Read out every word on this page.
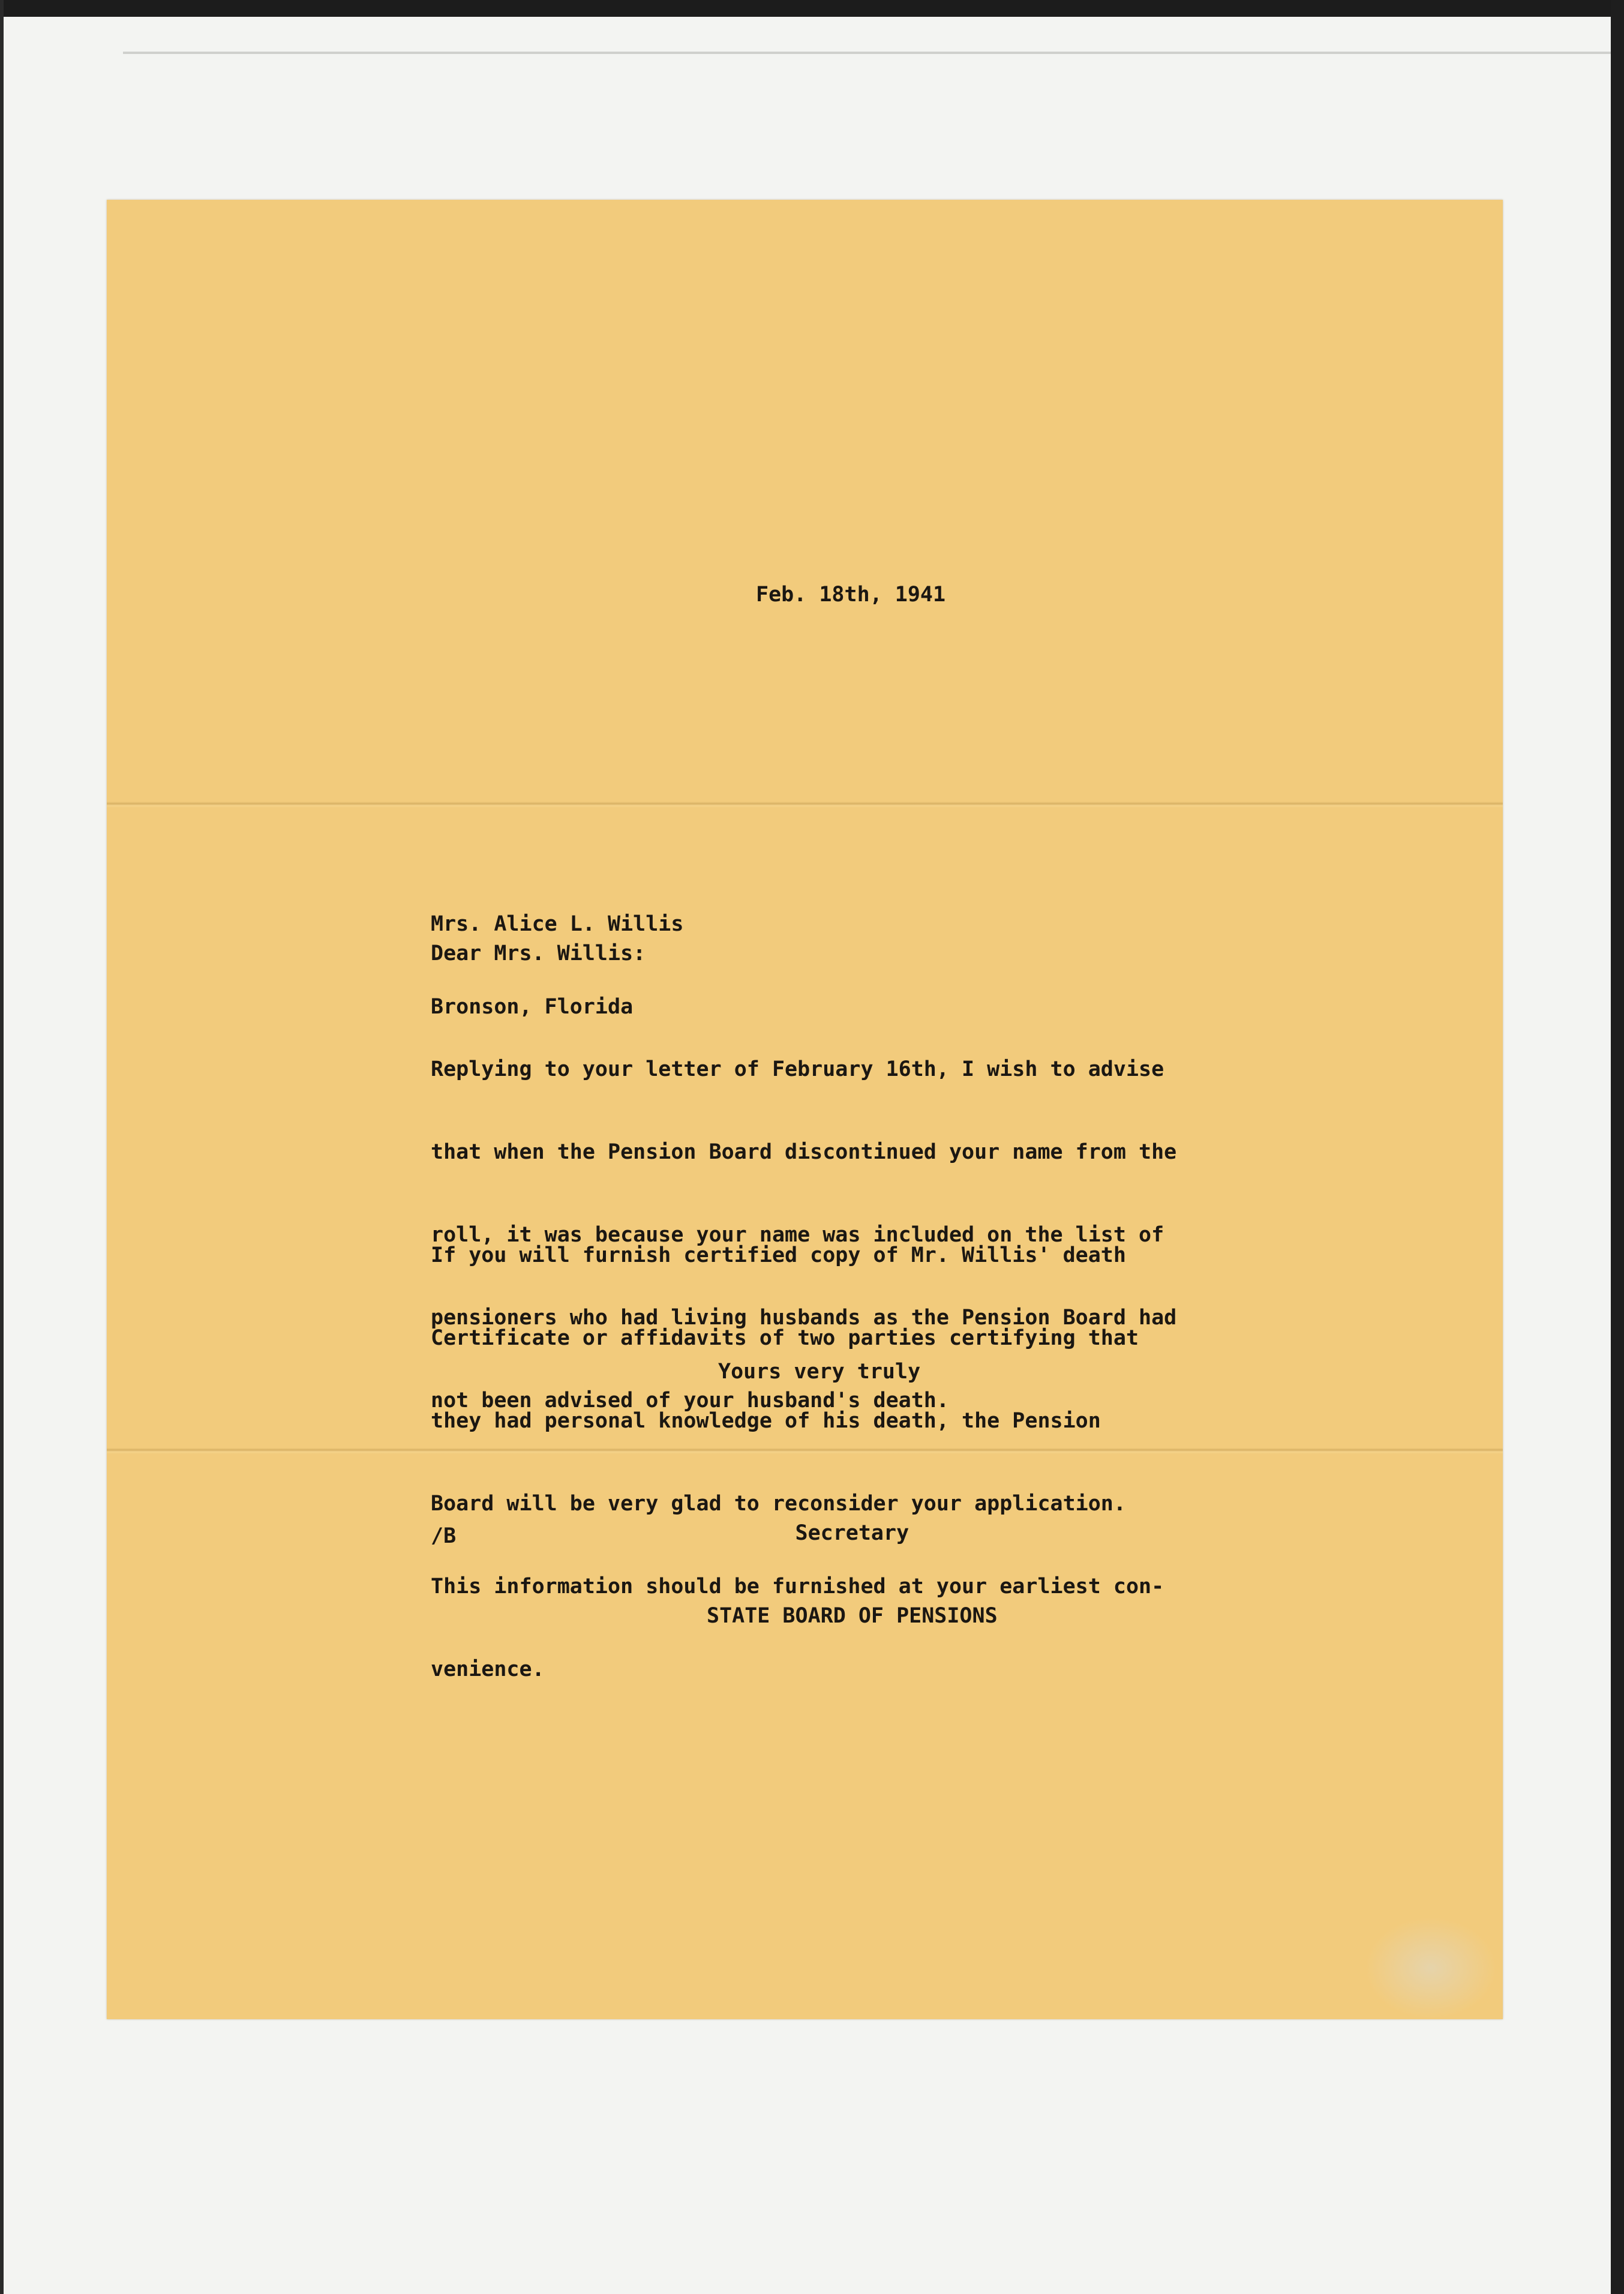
Feb. 18th, 1941

Mrs. Alice L. Willis

Bronson, Florida

Dear Mrs. Willis:

Replying to your letter of February 16th, I wish to advise

that when the Pension Board discontinued your name from the

roll, it was because your name was included on the list of

pensioners who had living husbands as the Pension Board had

not been advised of your husband's death.

If you will furnish certified copy of Mr. Willis' death

Certificate or affidavits of two parties certifying that

they had personal knowledge of his death, the Pension

Board will be very glad to reconsider your application.

This information should be furnished at your earliest con-

venience.

Yours very truly

Secretary

STATE BOARD OF PENSIONS

/B
